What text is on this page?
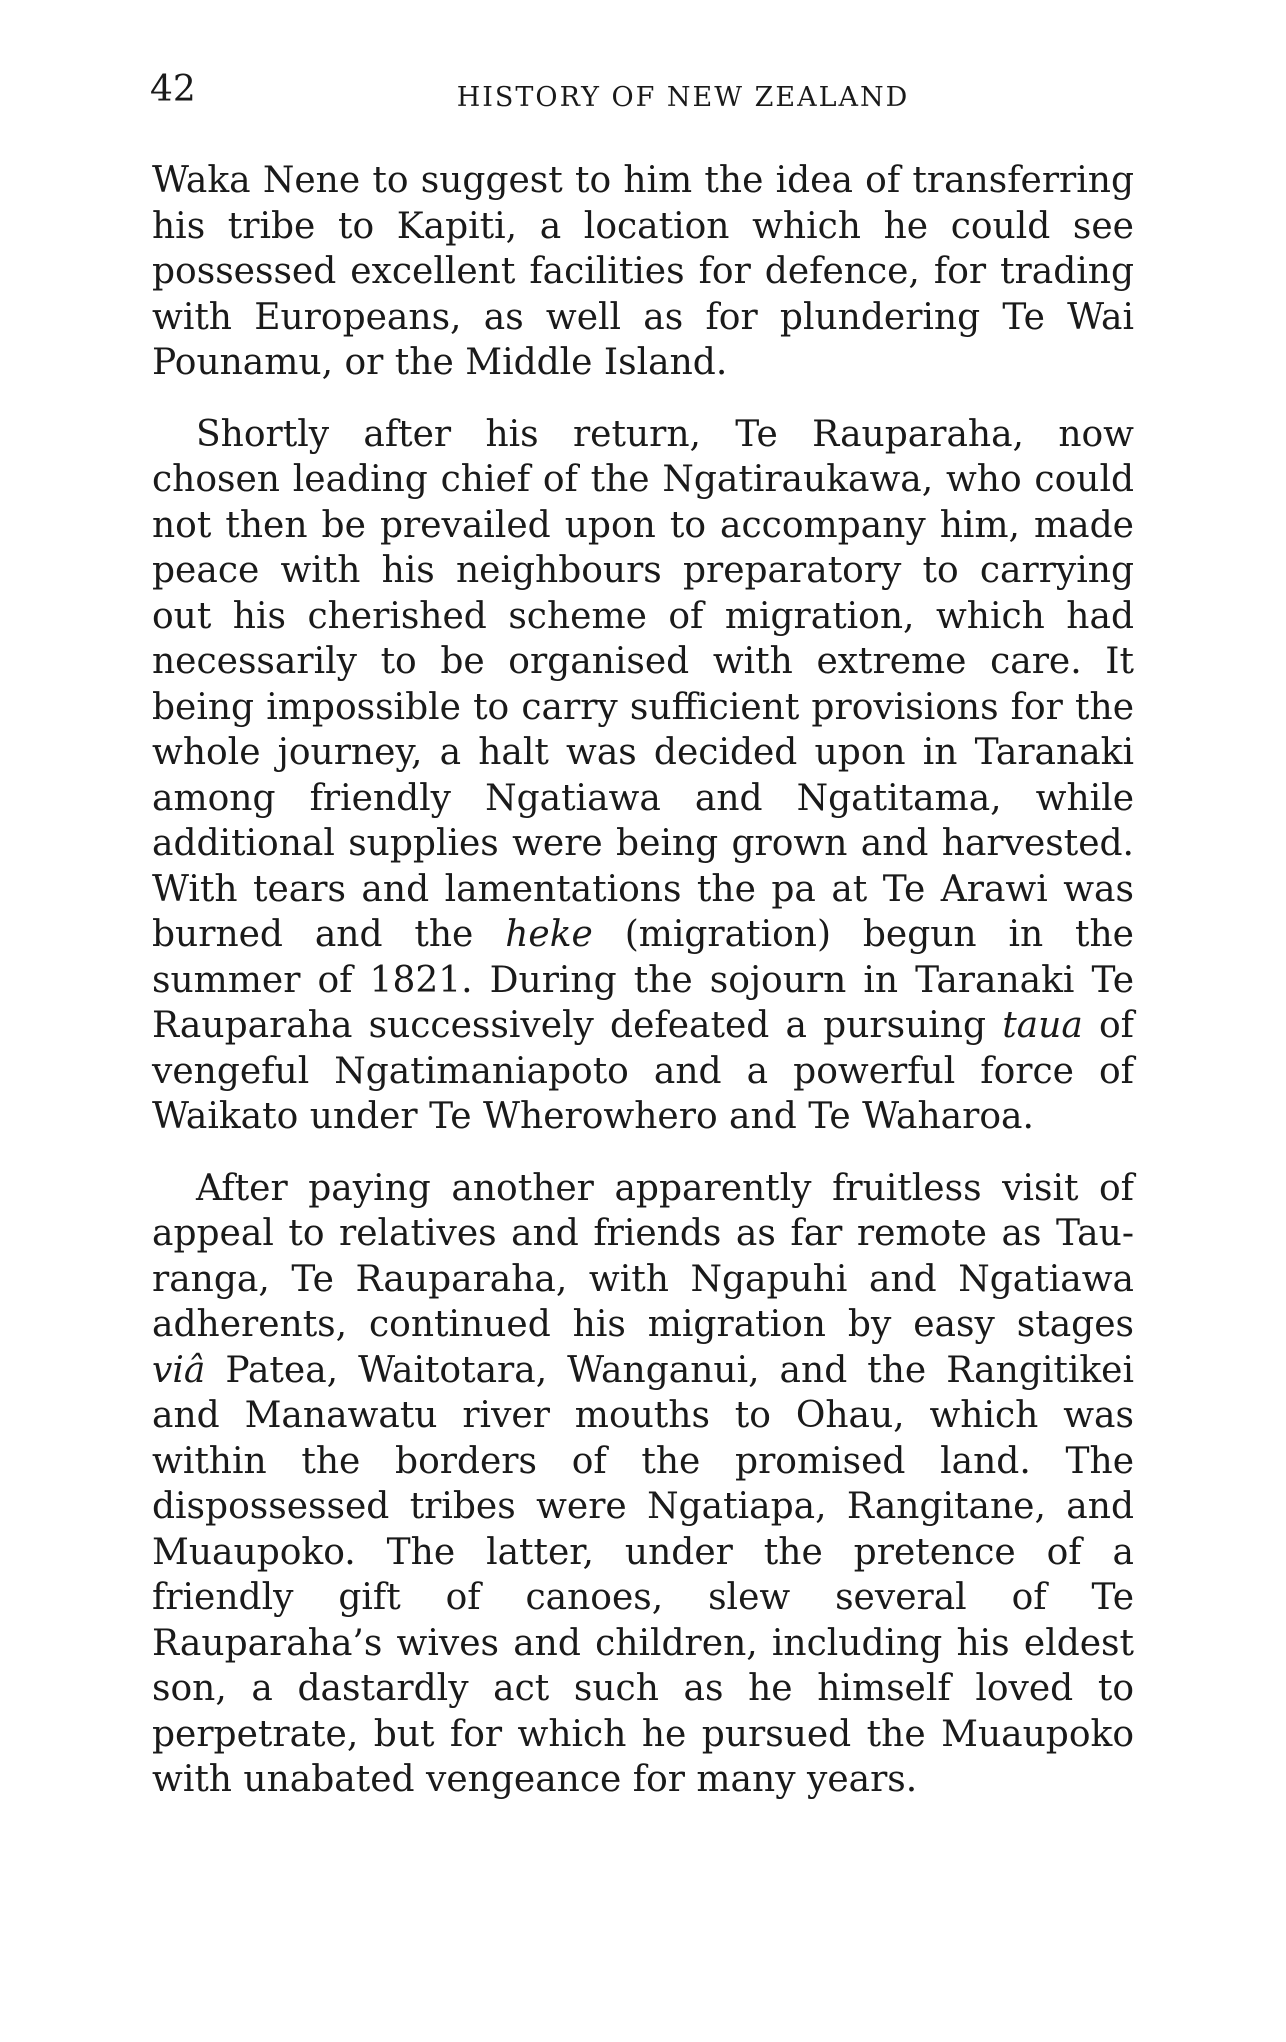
42	HISTORY OF NEW ZEALAND

Waka Nene to suggest to him the idea of transferring his tribe to Kapiti, a location which he could see possessed excellent facilities for defence, for trading with Europeans, as well as for plundering Te Wai Pounamu, or the Middle Island.

Shortly after his return, Te Rauparaha, now chosen leading chief of the Ngatiraukawa, who could not then be prevailed upon to accompany him, made peace with his neighbours preparatory to carrying out his cherished scheme of migration, which had necessarily to be organised with extreme care. It being impossible to carry sufficient provisions for the whole journey, a halt was decided upon in Taranaki among friendly Ngatiawa and Ngatitama, while additional supplies were being grown and harvested. With tears and lamentations the pa at Te Arawi was burned and the heke (migration) begun in the summer of 1821. During the sojourn in Taranaki Te Rauparaha successively defeated a pursuing taua of vengeful Ngatimaniapoto and a powerful force of Waikato under Te Wherowhero and Te Waharoa.

After paying another apparently fruitless visit of appeal to relatives and friends as far remote as Tauranga, Te Rauparaha, with Ngapuhi and Ngatiawa adherents, continued his migration by easy stages viâ Patea, Waitotara, Wanganui, and the Rangitikei and Manawatu river mouths to Ohau, which was within the borders of the promised land. The dispossessed tribes were Ngatiapa, Rangitane, and Muaupoko. The latter, under the pretence of a friendly gift of canoes, slew several of Te Rauparaha’s wives and children, including his eldest son, a dastardly act such as he himself loved to perpetrate, but for which he pursued the Muaupoko with unabated vengeance for many years.
